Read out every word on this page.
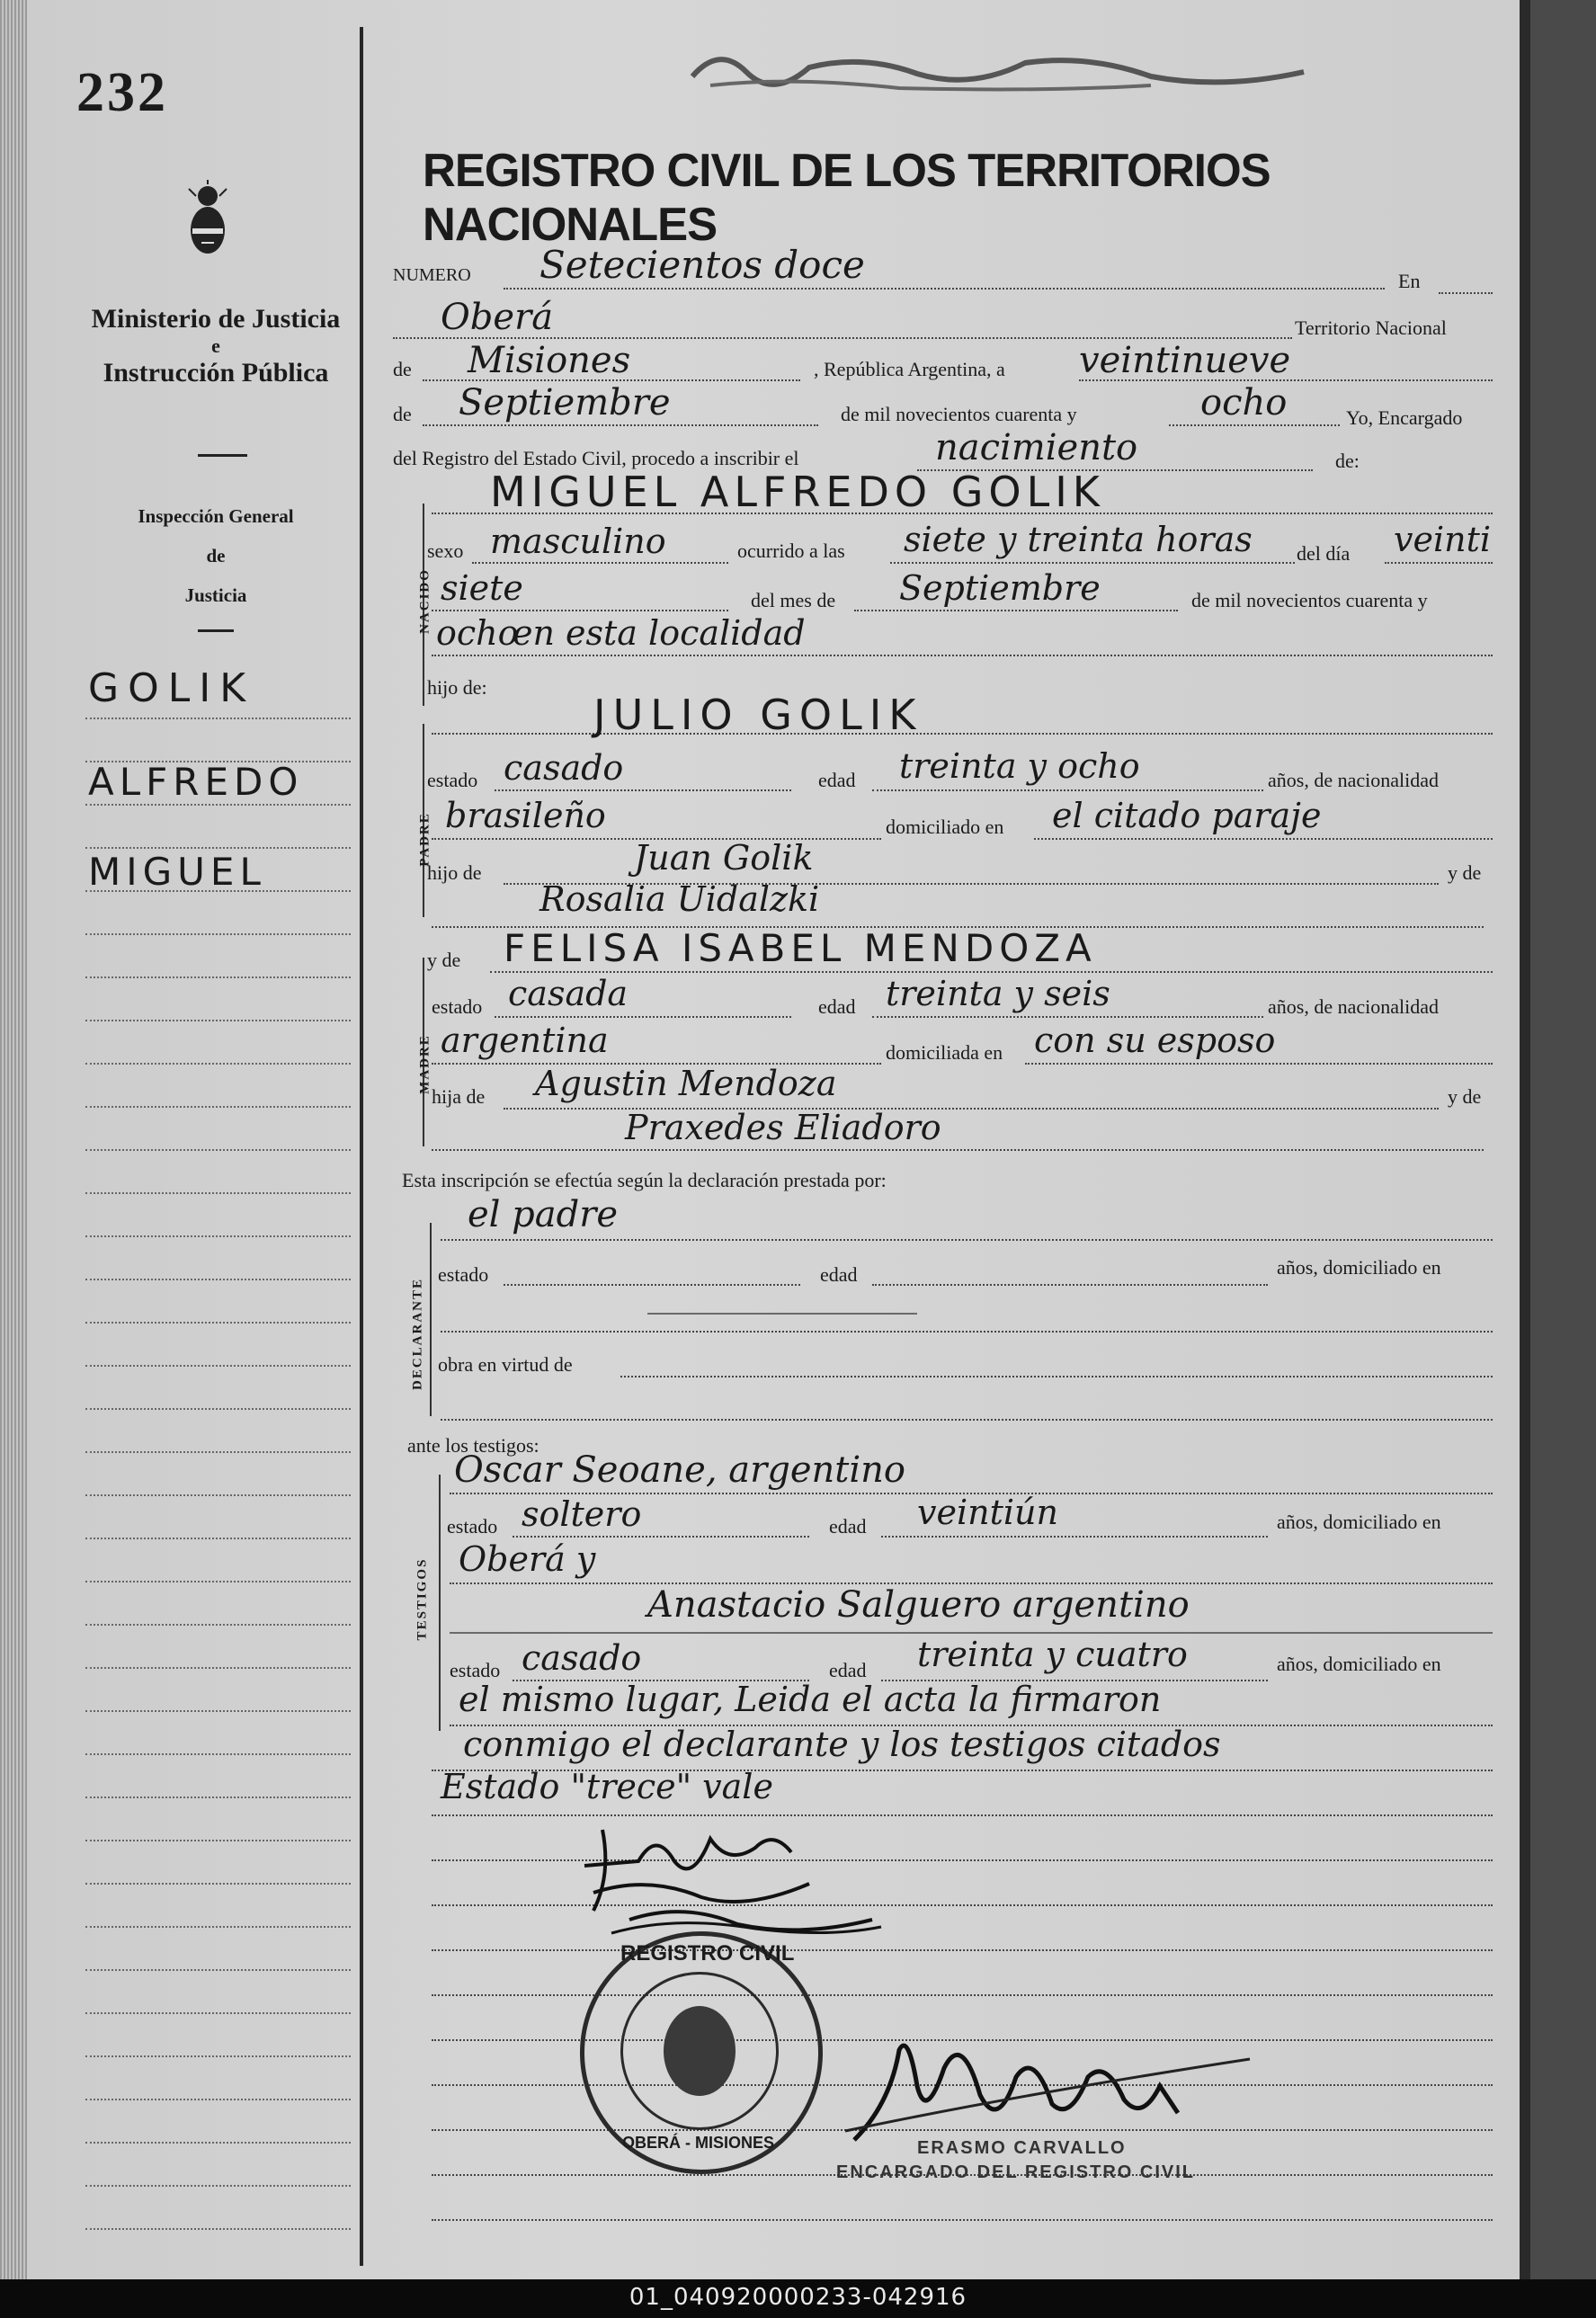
232
Ministerio de Justicia
e
Instrucción Pública
Inspección General
de
Justicia
GOLIK
ALFREDO
MIGUEL
REGISTRO CIVIL DE LOS TERRITORIOS NACIONALES
NUMERO Setecientos doce	En
Oberá	Territorio Nacional
de Misiones	, República Argentina, a veintinueve
de Septiembre	de mil novecientos cuarenta y	ocho	Yo, Encargado
del Registro del Estado Civil, procedo a inscribir el	nacimiento	de:
NACIDO
MIGUEL ALFREDO GOLIK
sexo masculino	ocurrido a las siete y treinta horas del día veinti
siete	del mes de Septiembre	de mil novecientos cuarenta y
ocho
en esta localidad
hijo de:
PADRE
JULIO GOLIK
estado casado	edad treinta y ocho	años, de nacionalidad
brasileño	domiciliado en el citado paraje
hijo de	Juan Golik	y de
Rosalia Uidalzki
y de
MADRE
FELISA ISABEL MENDOZA
estado casada	edad treinta y seis	años, de nacionalidad
argentina	domiciliada en con su esposo
hija de Agustin Mendoza	y de
Praxedes Eliadoro
Esta inscripción se efectúa según la declaración prestada por:
DECLARANTE
el padre
estado	edad	años, domiciliado en
obra en virtud de
ante los testigos:
TESTIGOS
Oscar Seoane, argentino
estado soltero	edad veintiún	años, domiciliado en
Oberá y
Anastacio Salguero argentino
estado casado	edad treinta y cuatro	años, domiciliado en
el mismo lugar, Leida el acta la firmaron
conmigo el declarante y los testigos citados
Estado "trece" vale
REGISTRO CIVIL
OBERÁ - MISIONES	ERASMO CARVALLO
ENCARGADO DEL REGISTRO CIVIL
01_040920000233-042916
